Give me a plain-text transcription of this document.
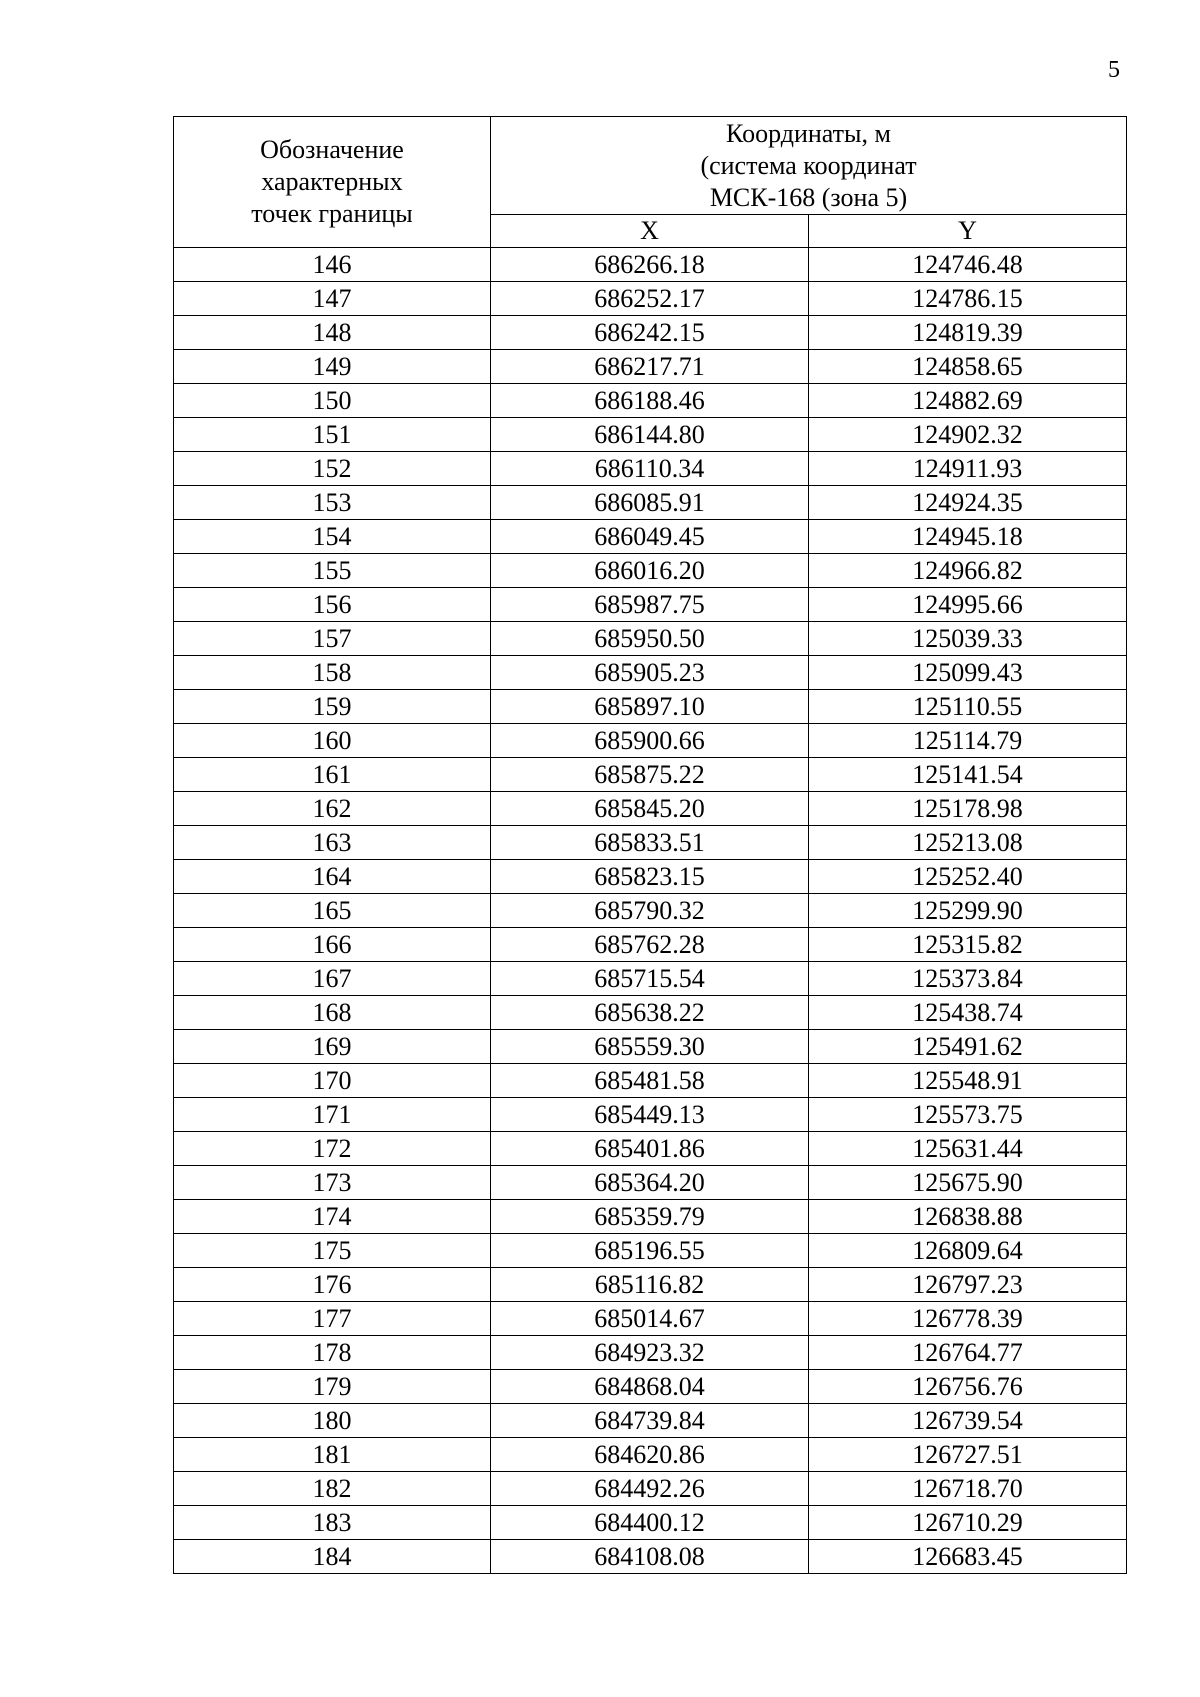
5
Обозначение
характерных
точек границы	Координаты, м
(система координат
МСК-168 (зона 5)	

	X	Y
146	686266.18	124746.48
147	686252.17	124786.15
148	686242.15	124819.39
149	686217.71	124858.65
150	686188.46	124882.69
151	686144.80	124902.32
152	686110.34	124911.93
153	686085.91	124924.35
154	686049.45	124945.18
155	686016.20	124966.82
156	685987.75	124995.66
157	685950.50	125039.33
158	685905.23	125099.43
159	685897.10	125110.55
160	685900.66	125114.79
161	685875.22	125141.54
162	685845.20	125178.98
163	685833.51	125213.08
164	685823.15	125252.40
165	685790.32	125299.90
166	685762.28	125315.82
167	685715.54	125373.84
168	685638.22	125438.74
169	685559.30	125491.62
170	685481.58	125548.91
171	685449.13	125573.75
172	685401.86	125631.44
173	685364.20	125675.90
174	685359.79	126838.88
175	685196.55	126809.64
176	685116.82	126797.23
177	685014.67	126778.39
178	684923.32	126764.77
179	684868.04	126756.76
180	684739.84	126739.54
181	684620.86	126727.51
182	684492.26	126718.70
183	684400.12	126710.29
184	684108.08	126683.45
